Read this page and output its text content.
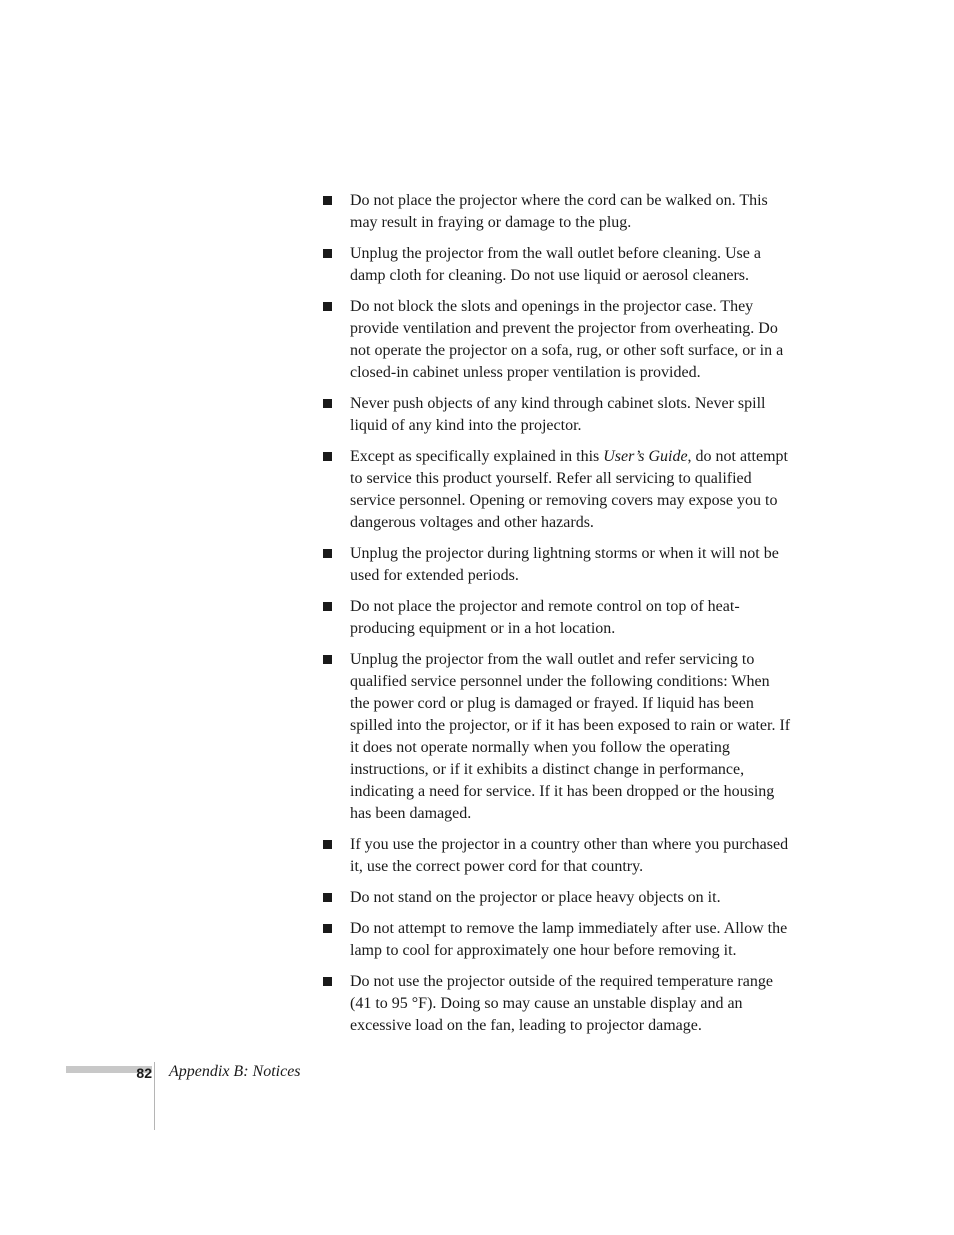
Do not place the projector where the cord can be walked on. This may result in fraying or damage to the plug.
Unplug the projector from the wall outlet before cleaning. Use a damp cloth for cleaning. Do not use liquid or aerosol cleaners.
Do not block the slots and openings in the projector case. They provide ventilation and prevent the projector from overheating. Do not operate the projector on a sofa, rug, or other soft surface, or in a closed-in cabinet unless proper ventilation is provided.
Never push objects of any kind through cabinet slots. Never spill liquid of any kind into the projector.
Except as specifically explained in this User’s Guide, do not attempt to service this product yourself. Refer all servicing to qualified service personnel. Opening or removing covers may expose you to dangerous voltages and other hazards.
Unplug the projector during lightning storms or when it will not be used for extended periods.
Do not place the projector and remote control on top of heat-producing equipment or in a hot location.
Unplug the projector from the wall outlet and refer servicing to qualified service personnel under the following conditions: When the power cord or plug is damaged or frayed. If liquid has been spilled into the projector, or if it has been exposed to rain or water. If it does not operate normally when you follow the operating instructions, or if it exhibits a distinct change in performance, indicating a need for service. If it has been dropped or the housing has been damaged.
If you use the projector in a country other than where you purchased it, use the correct power cord for that country.
Do not stand on the projector or place heavy objects on it.
Do not attempt to remove the lamp immediately after use. Allow the lamp to cool for approximately one hour before removing it.
Do not use the projector outside of the required temperature range (41 to 95 °F). Doing so may cause an unstable display and an excessive load on the fan, leading to projector damage.
82 Appendix B: Notices
